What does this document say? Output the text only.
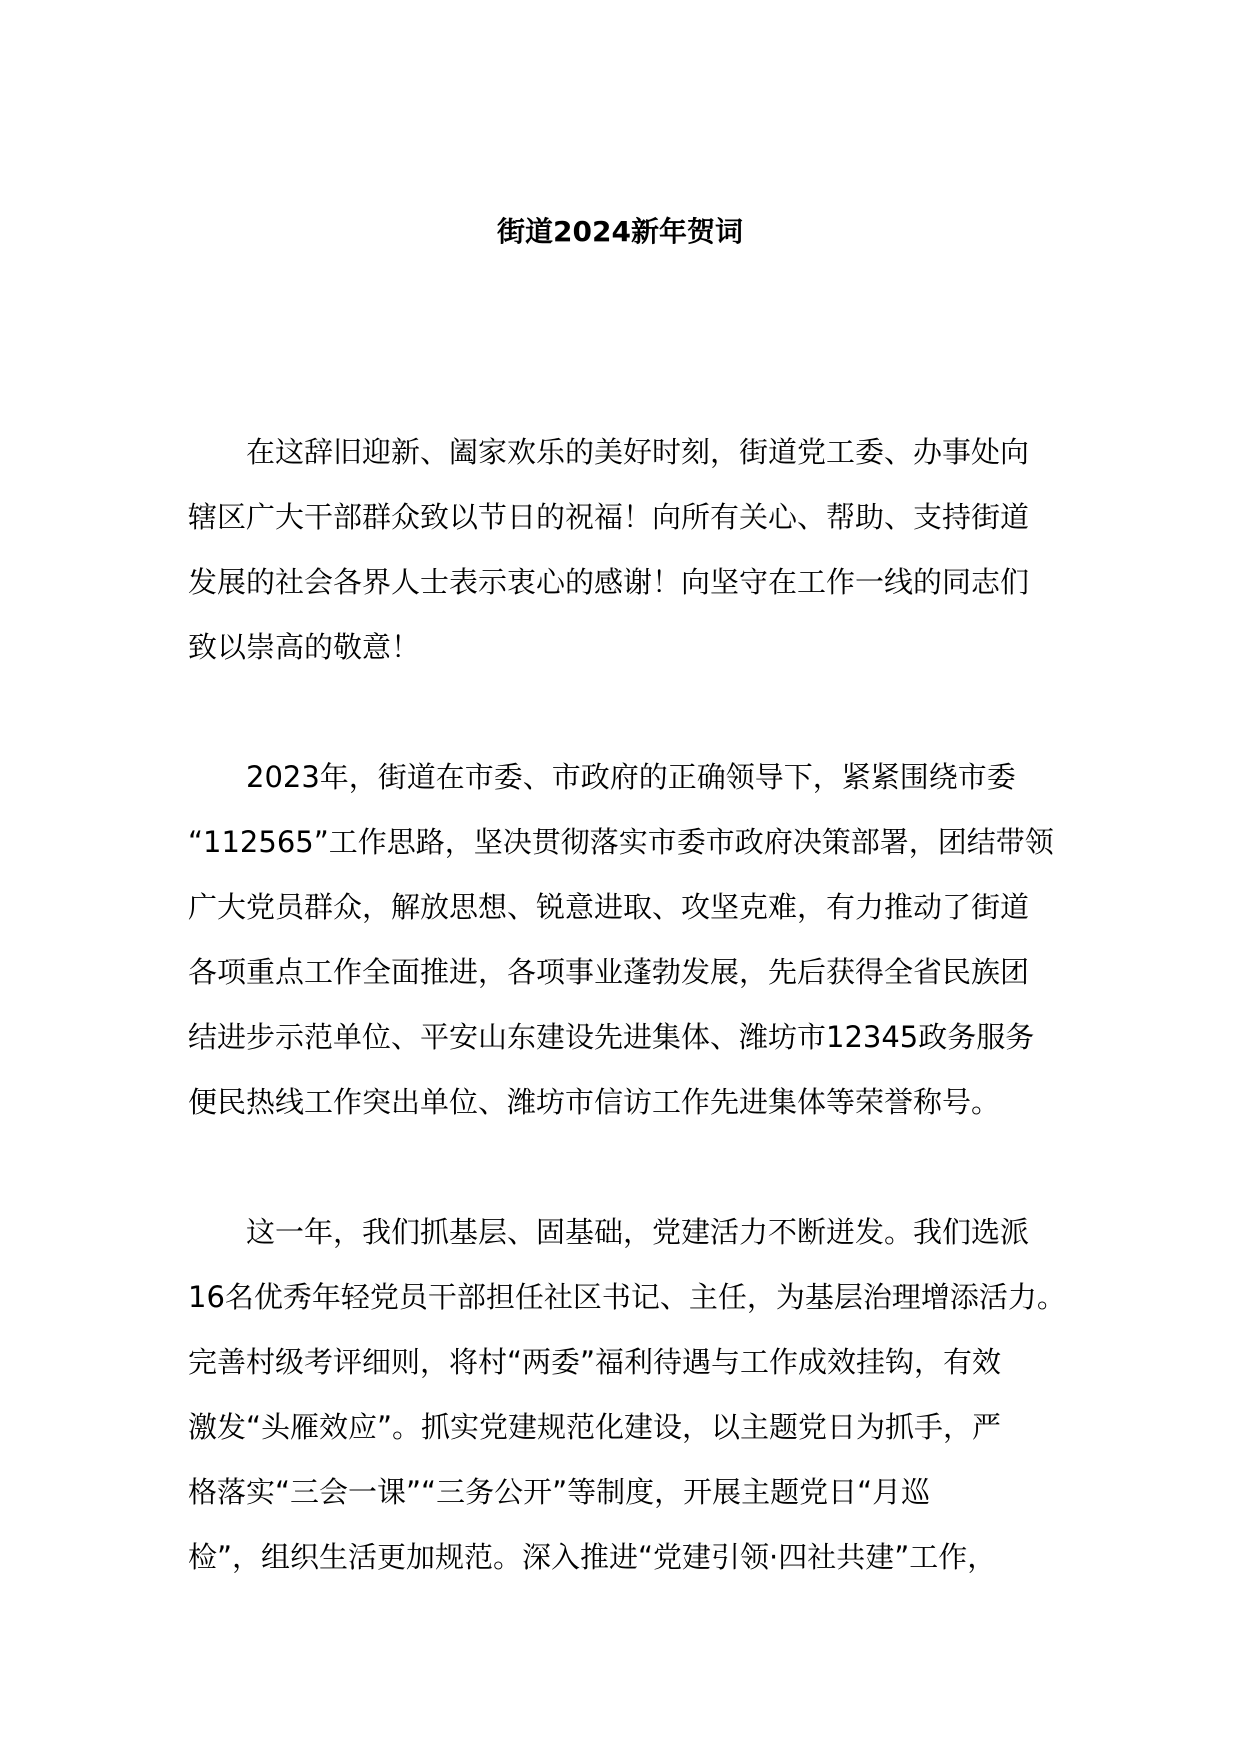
街道2024新年贺词
在这辞旧迎新、阖家欢乐的美好时刻，街道党工委、办事处向
辖区广大干部群众致以节日的祝福！向所有关心、帮助、支持街道
发展的社会各界人士表示衷心的感谢！向坚守在工作一线的同志们
致以崇高的敬意！
2023年，街道在市委、市政府的正确领导下，紧紧围绕市委
“112565”工作思路，坚决贯彻落实市委市政府决策部署，团结带领
广大党员群众，解放思想、锐意进取、攻坚克难，有力推动了街道
各项重点工作全面推进，各项事业蓬勃发展，先后获得全省民族团
结进步示范单位、平安山东建设先进集体、潍坊市12345政务服务
便民热线工作突出单位、潍坊市信访工作先进集体等荣誉称号。
这一年，我们抓基层、固基础，党建活力不断迸发。我们选派
16名优秀年轻党员干部担任社区书记、主任，为基层治理增添活力。
完善村级考评细则，将村“两委”福利待遇与工作成效挂钩，有效
激发“头雁效应”。抓实党建规范化建设，以主题党日为抓手，严
格落实“三会一课”“三务公开”等制度，开展主题党日“月巡
检”，组织生活更加规范。深入推进“党建引领·四社共建”工作，
